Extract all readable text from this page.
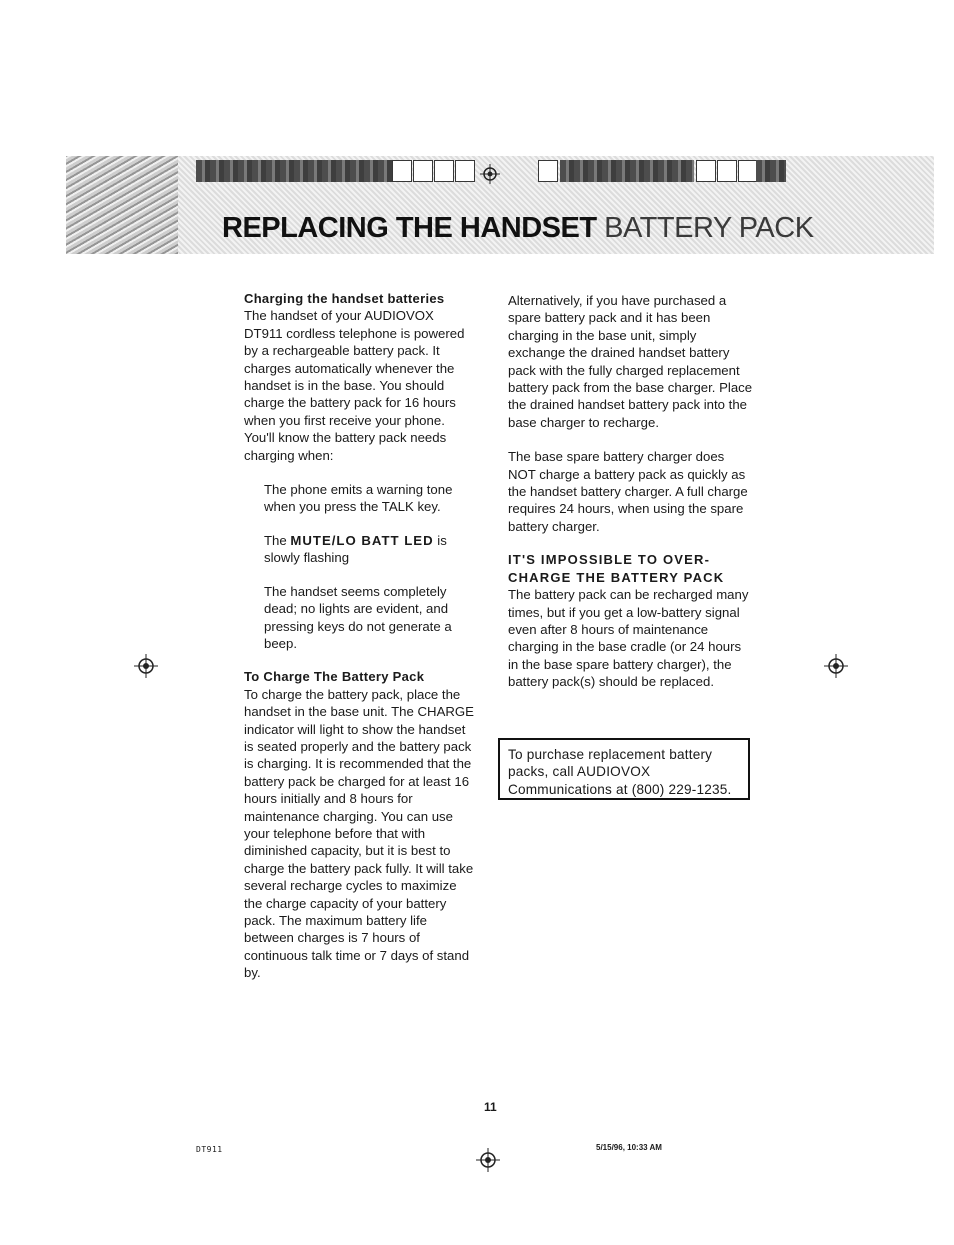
REPLACING THE HANDSET BATTERY PACK

Charging the handset batteries

The handset of your AUDIOVOX DT911 cordless telephone is powered by a rechargeable battery pack. It charges automatically whenever the handset is in the base. You should charge the battery pack for 16 hours when you first receive your phone. You'll know the battery pack needs charging when:

The phone emits a warning tone when you press the TALK key.

The MUTE/LO BATT LED is slowly flashing

The handset seems completely dead; no lights are evident, and pressing keys do not generate a beep.

To Charge The Battery Pack

To charge the battery pack, place the handset in the base unit. The CHARGE indicator will light to show the handset is seated properly and the battery pack is charging. It is recommended that the battery pack be charged for at least 16 hours initially and 8 hours for maintenance charging. You can use your telephone before that with diminished capacity, but it is best to charge the battery pack fully. It will take several recharge cycles to maximize the charge capacity of your battery pack. The maximum battery life between charges is 7 hours of continuous talk time or 7 days of stand by.

Alternatively, if you have purchased a spare battery pack and it has been charging in the base unit, simply exchange the drained handset battery pack with the fully charged replacement battery pack from the base charger. Place the drained handset battery pack into the base charger to recharge.

The base spare battery charger does NOT charge a battery pack as quickly as the handset battery charger. A full charge requires 24 hours, when using the spare battery charger.

IT'S IMPOSSIBLE TO OVER-CHARGE THE BATTERY PACK

The battery pack can be recharged many times, but if you get a low-battery signal even after 8 hours of maintenance charging in the base cradle (or 24 hours in the base spare battery charger), the battery pack(s) should be replaced.

To purchase replacement battery packs, call AUDIOVOX Communications at (800) 229-1235.
11
DT911	5/15/96, 10:33 AM
